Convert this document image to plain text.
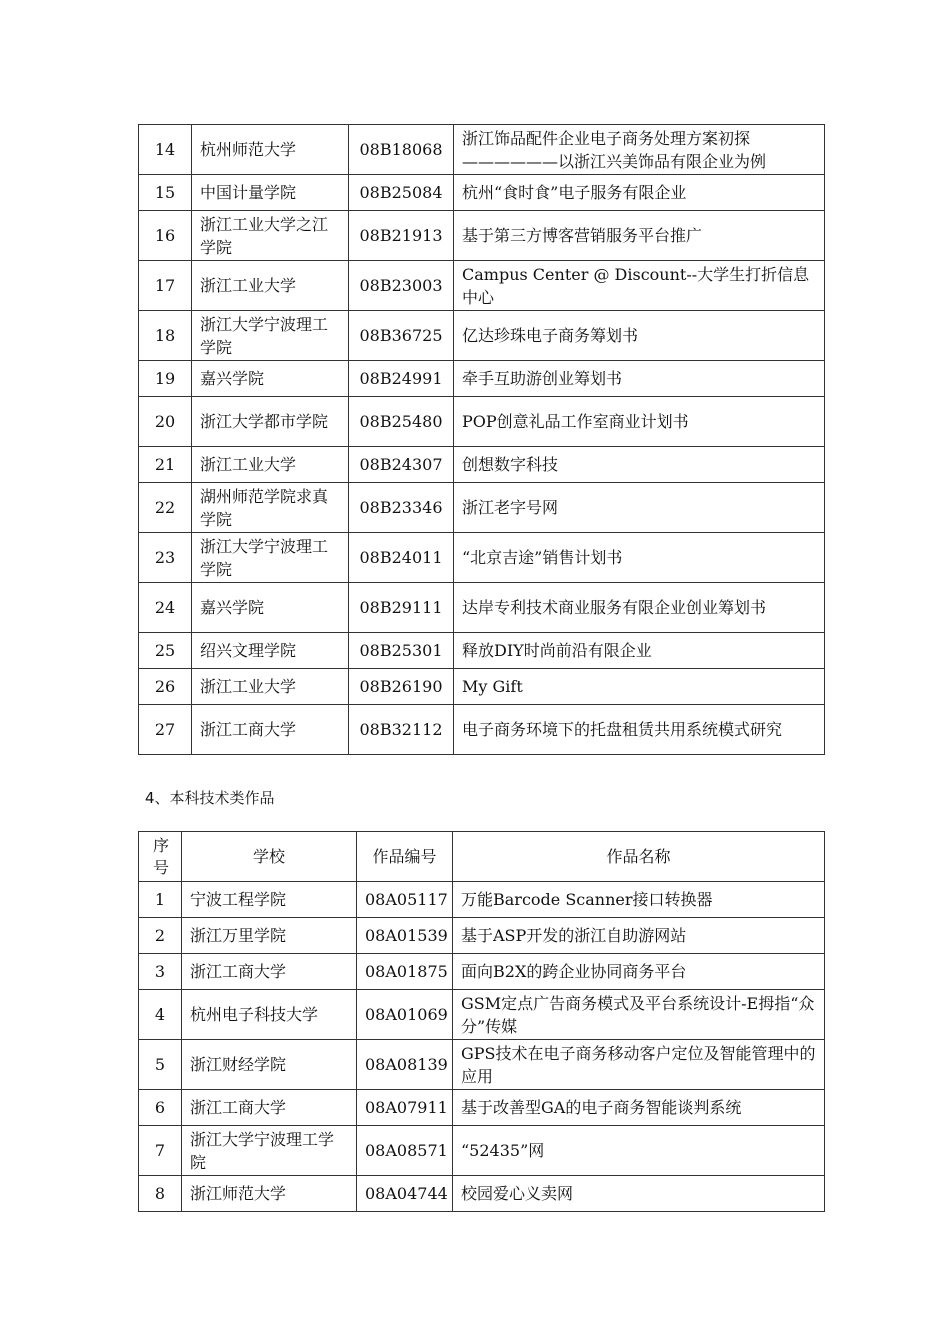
14	杭州师范大学	08B18068	浙江饰品配件企业电子商务处理方案初探——————以浙江兴美饰品有限企业为例
15	中国计量学院	08B25084	杭州“食时食”电子服务有限企业
16	浙江工业大学之江学院	08B21913	基于第三方博客营销服务平台推广
17	浙江工业大学	08B23003	Campus Center @ Discount--大学生打折信息中心
18	浙江大学宁波理工学院	08B36725	亿达珍珠电子商务筹划书
19	嘉兴学院	08B24991	牵手互助游创业筹划书
20	浙江大学都市学院	08B25480	POP创意礼品工作室商业计划书
21	浙江工业大学	08B24307	创想数字科技
22	湖州师范学院求真学院	08B23346	浙江老字号网
23	浙江大学宁波理工学院	08B24011	“北京吉途”销售计划书
24	嘉兴学院	08B29111	达岸专利技术商业服务有限企业创业筹划书
25	绍兴文理学院	08B25301	释放DIY时尚前沿有限企业
26	浙江工业大学	08B26190	My Gift
27	浙江工商大学	08B32112	电子商务环境下的托盘租赁共用系统模式研究
4、本科技术类作品
序号	学校	作品编号	作品名称
1	宁波工程学院	08A05117	万能Barcode Scanner接口转换器
2	浙江万里学院	08A01539	基于ASP开发的浙江自助游网站
3	浙江工商大学	08A01875	面向B2X的跨企业协同商务平台
4	杭州电子科技大学	08A01069	GSM定点广告商务模式及平台系统设计-E拇指“众分”传媒
5	浙江财经学院	08A08139	GPS技术在电子商务移动客户定位及智能管理中的应用
6	浙江工商大学	08A07911	基于改善型GA的电子商务智能谈判系统
7	浙江大学宁波理工学院	08A08571	“52435”网
8	浙江师范大学	08A04744	校园爱心义卖网
